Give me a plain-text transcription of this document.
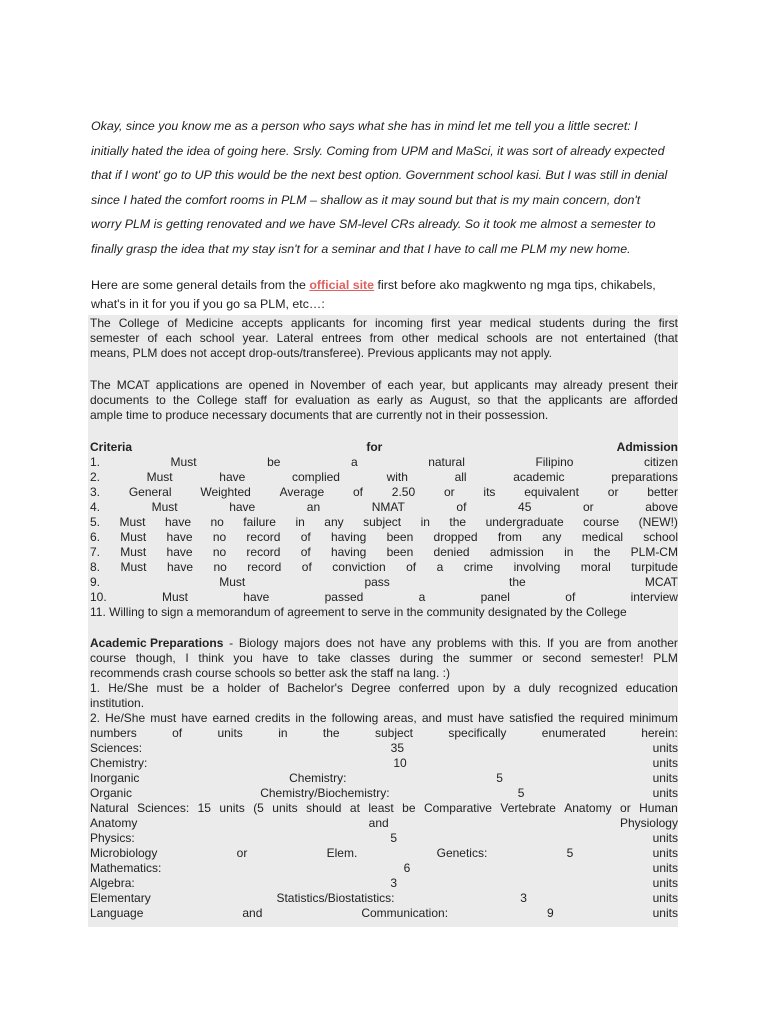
Okay, since you know me as a person who says what she has in mind let me tell you a little secret: I
initially hated the idea of going here. Srsly. Coming from UPM and MaSci, it was sort of already expected
that if I wont' go to UP this would be the next best option. Government school kasi. But I was still in denial
since I hated the comfort rooms in PLM – shallow as it may sound but that is my main concern, don't
worry PLM is getting renovated and we have SM-level CRs already. So it took me almost a semester to
finally grasp the idea that my stay isn't for a seminar and that I have to call me PLM my new home.
Here are some general details from the official site first before ako magkwento ng mga tips, chikabels,
what's in it for you if you go sa PLM, etc…:
The College of Medicine accepts applicants for incoming first year medical students during the first
semester of each school year. Lateral entrees from other medical schools are not entertained (that
means, PLM does not accept drop-outs/transferee). Previous applicants may not apply.
The MCAT applications are opened in November of each year, but applicants may already present their
documents to the College staff for evaluation as early as August, so that the applicants are afforded
ample time to produce necessary documents that are currently not in their possession.
Criteria	for	Admission
1.	Must	be	a	natural	Filipino	citizen
2.	Must	have	complied	with	all	academic	preparations
3. General Weighted Average of 2.50 or its equivalent or better
4.	Must	have	an	NMAT	of	45	or	above
5. Must have no failure in any subject in the undergraduate course (NEW!)
6. Must have no record of having been dropped from any medical school
7. Must have no record of having been denied admission in the PLM-CM
8. Must have no record of conviction of a crime involving moral turpitude
9.	Must	pass	the	MCAT
10.	Must	have	passed	a	panel	of	interview
11. Willing to sign a memorandum of agreement to serve in the community designated by the College
Academic Preparations - Biology majors does not have any problems with this. If you are from another
course though, I think you have to take classes during the summer or second semester! PLM
recommends crash course schools so better ask the staff na lang. :)
1. He/She must be a holder of Bachelor's Degree conferred upon by a duly recognized education
institution.
2. He/She must have earned credits in the following areas, and must have satisfied the required minimum
numbers	of	units	in	the	subject	specifically	enumerated	herein:
Sciences:	35	units
Chemistry:	10	units
Inorganic	Chemistry:	5	units
Organic	Chemistry/Biochemistry:	5	units
Natural Sciences: 15 units (5 units should at least be Comparative Vertebrate Anatomy or Human
Anatomy	and	Physiology
Physics:	5	units
Microbiology	or	Elem.	Genetics:	5	units
Mathematics:	6	units
Algebra:	3	units
Elementary	Statistics/Biostatistics:	3	units
Language	and	Communication:	9	units
